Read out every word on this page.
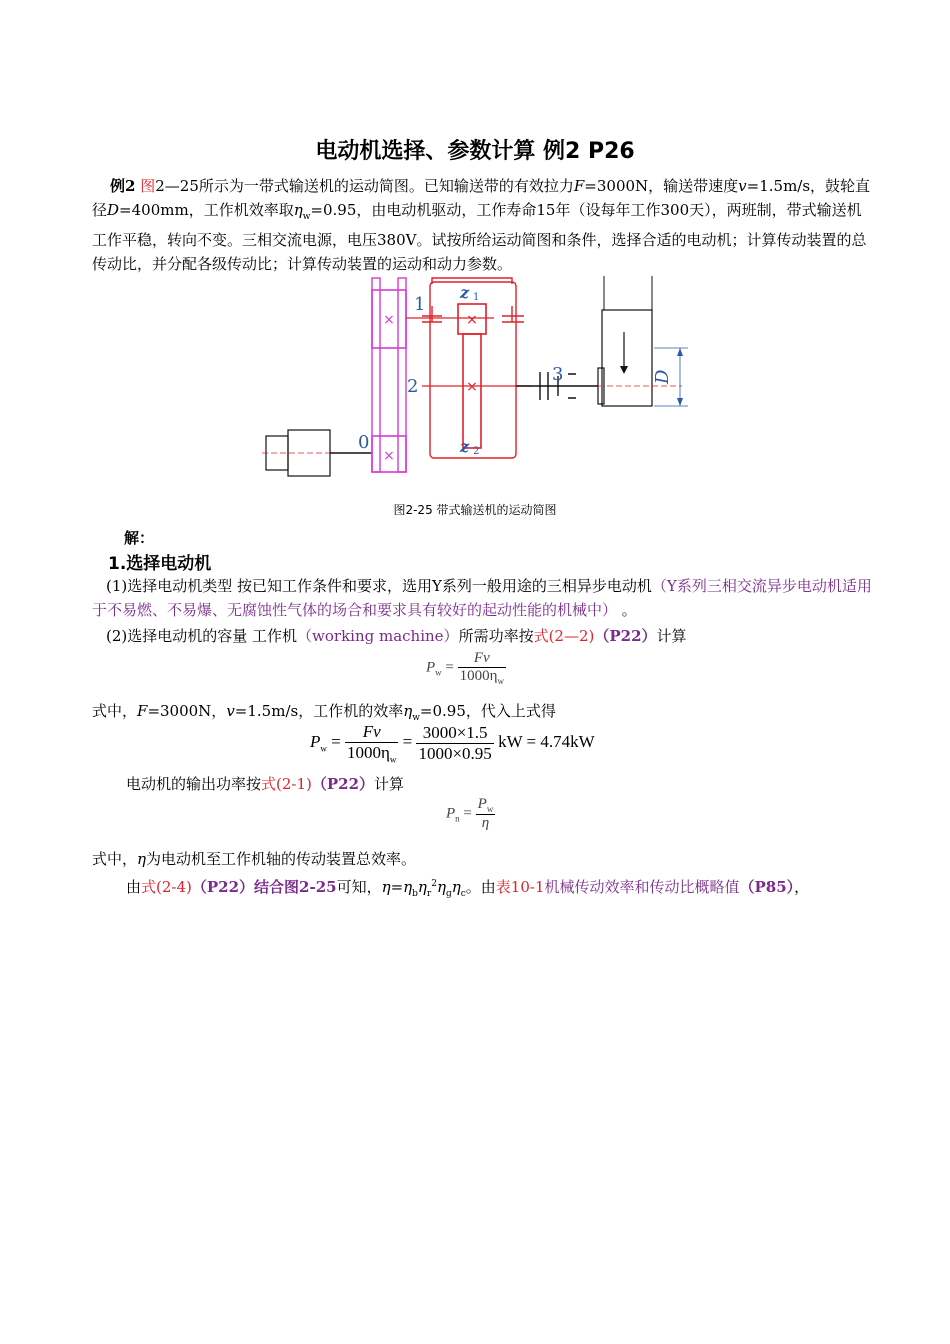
电动机选择、参数计算 例2 P26
例2 图2—25所示为一带式输送机的运动简图。已知输送带的有效拉力F=3000N，输送带速度v=1.5m/s，鼓轮直径D=400mm，工作机效率取$\eta_w=0.95$，由电动机驱动，工作寿命15年（设每年工作300天），两班制，带式输送机工作平稳，转向不变。三相交流电源，电压380V。试按所给运动简图和条件，选择合适的电动机；计算传动装置的总传动比，并分配各级传动比；计算传动装置的运动和动力参数。
×
×
×
×
1
2
3
0
z 1
z 2
D
图2-25 带式输送机的运动简图
解：
1.选择电动机
(1)选择电动机类型 按已知工作条件和要求，选用Y系列一般用途的三相异步电动机（Y系列三相交流异步电动机适用于不易燃、不易爆、无腐蚀性气体的场合和要求具有较好的起动性能的机械中） 。
(2)选择电动机的容量 工作机（working machine）所需功率按式(2—2)（P22）计算
$P_w = \frac{Fv}{1000\eta_w}$
式中，F=3000N，v=1.5m/s，工作机的效率$\eta_w=0.95$，代入上式得
$P_w = \frac{Fv}{1000\eta_w} = \frac{3000\times 1.5}{1000\times 0.95}$ kW = 4.74kW
电动机的输出功率按式(2-1)（P22）计算
$P_n = \frac{P_w}{\eta}$
式中，η为电动机至工作机轴的传动装置总效率。
由式(2-4)（P22）结合图2-25可知，$\eta=\eta_b\eta_r^2\eta_g\eta_c$。由表10-1机械传动效率和传动比概略值（P85），
